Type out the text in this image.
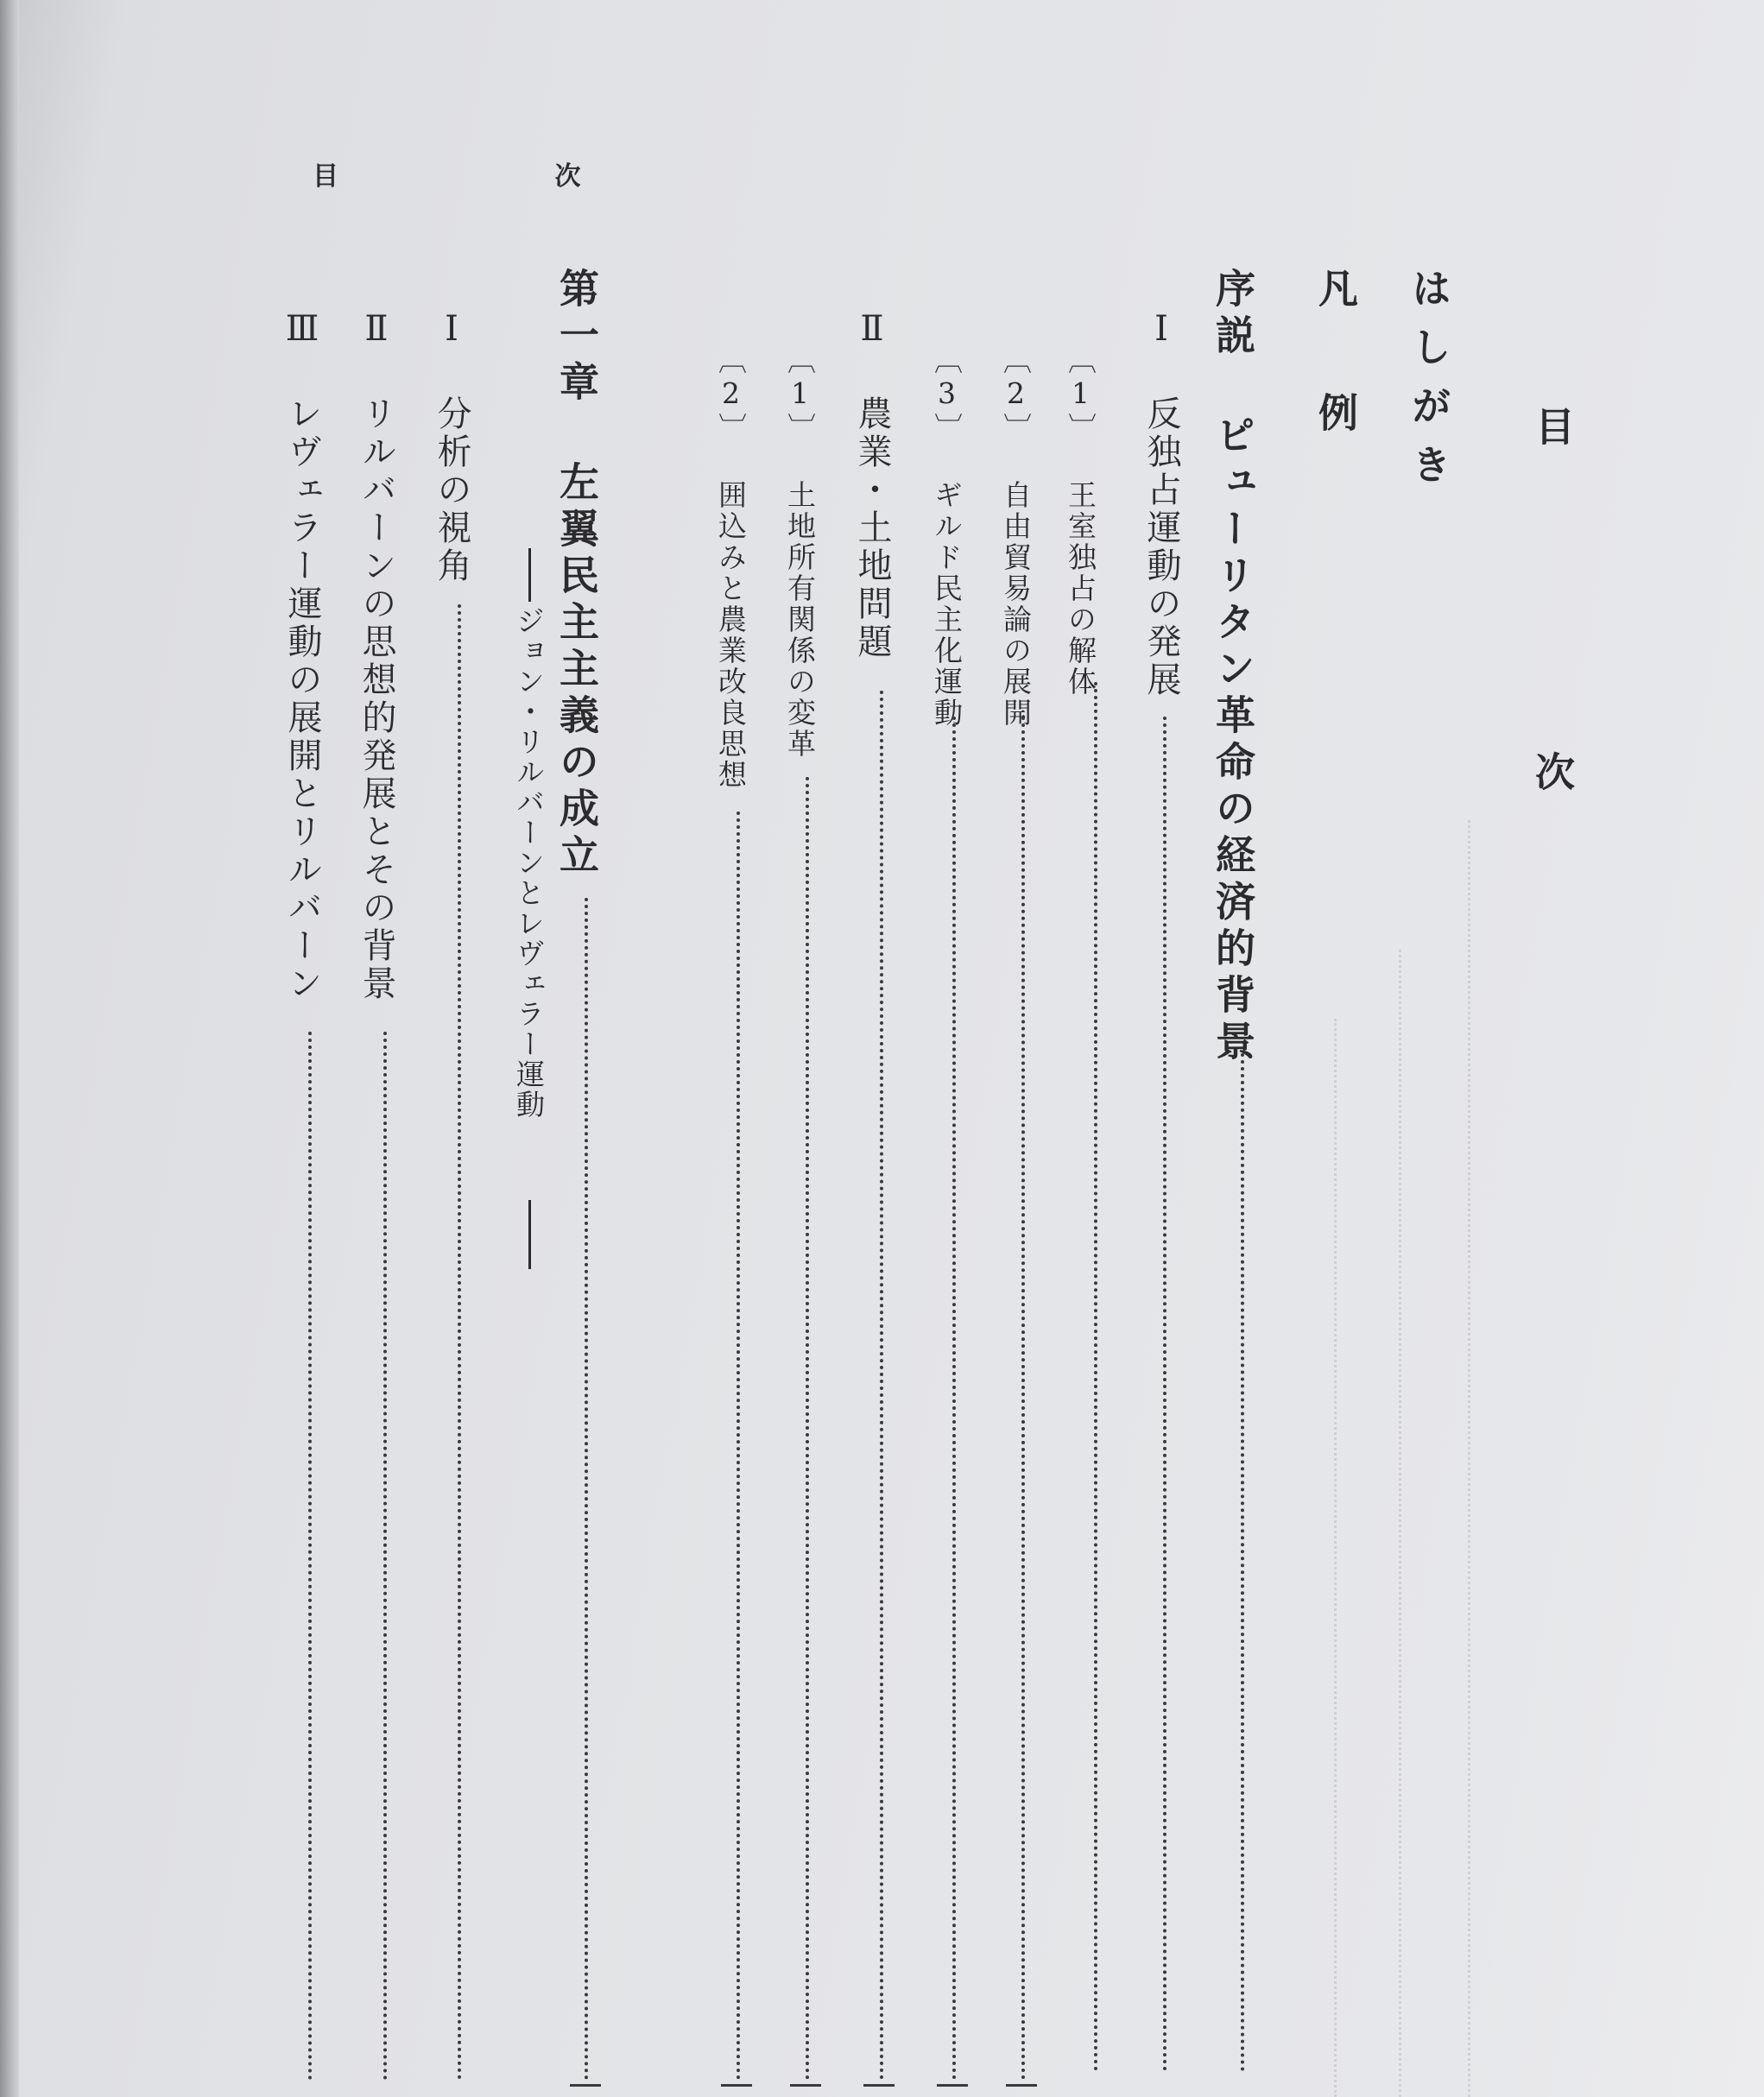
目 次
目 次
はしがき
凡 例
序説 ピューリタン革命の経済的背景
Ⅰ 反独占運動の発展
〔1〕 王室独占の解体
〔2〕 自由貿易論の展開
〔3〕 ギルド民主化運動
Ⅱ 農業・土地問題
〔1〕 土地所有関係の変革
〔2〕 囲込みと農業改良思想
第一章 左翼民主主義の成立
ジョン・リルバーンとレヴェラー運動
Ⅰ 分析の視角
Ⅱ リルバーンの思想的発展とその背景
Ⅲ レヴェラー運動の展開とリルバーン
